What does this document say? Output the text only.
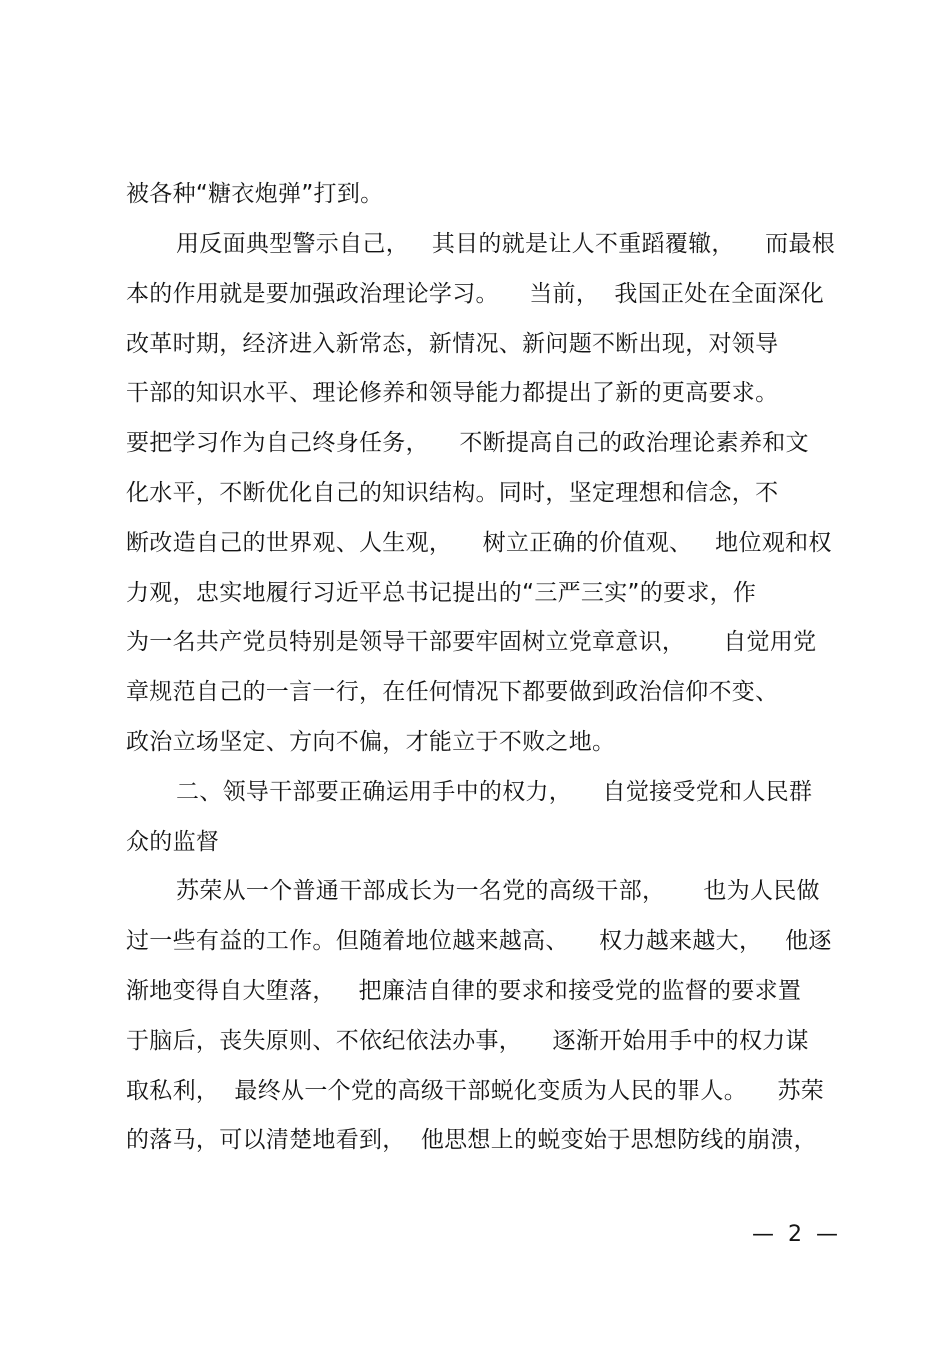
被各种“糖衣炮弹”打到。
用反面典型警示自己，   其目的就是让人不重蹈覆辙，    而最根
本的作用就是要加强政治理论学习。    当前，  我国正处在全面深化
改革时期，经济进入新常态，新情况、新问题不断出现，对领导
干部的知识水平、理论修养和领导能力都提出了新的更高要求。
要把学习作为自己终身任务，    不断提高自己的政治理论素养和文
化水平，不断优化自己的知识结构。同时，坚定理想和信念，不
断改造自己的世界观、人生观，    树立正确的价值观、   地位观和权
力观，忠实地履行习近平总书记提出的“三严三实”的要求，作
为一名共产党员特别是领导干部要牢固树立党章意识，     自觉用党
章规范自己的一言一行，在任何情况下都要做到政治信仰不变、
政治立场坚定、方向不偏，才能立于不败之地。
二、领导干部要正确运用手中的权力，    自觉接受党和人民群
众的监督
苏荣从一个普通干部成长为一名党的高级干部，     也为人民做
过一些有益的工作。但随着地位越来越高、    权力越来越大，   他逐
渐地变得自大堕落，   把廉洁自律的要求和接受党的监督的要求置
于脑后，丧失原则、不依纪依法办事，    逐渐开始用手中的权力谋
取私利，  最终从一个党的高级干部蜕化变质为人民的罪人。    苏荣
的落马，可以清楚地看到，  他思想上的蜕变始于思想防线的崩溃，
—  2  —
